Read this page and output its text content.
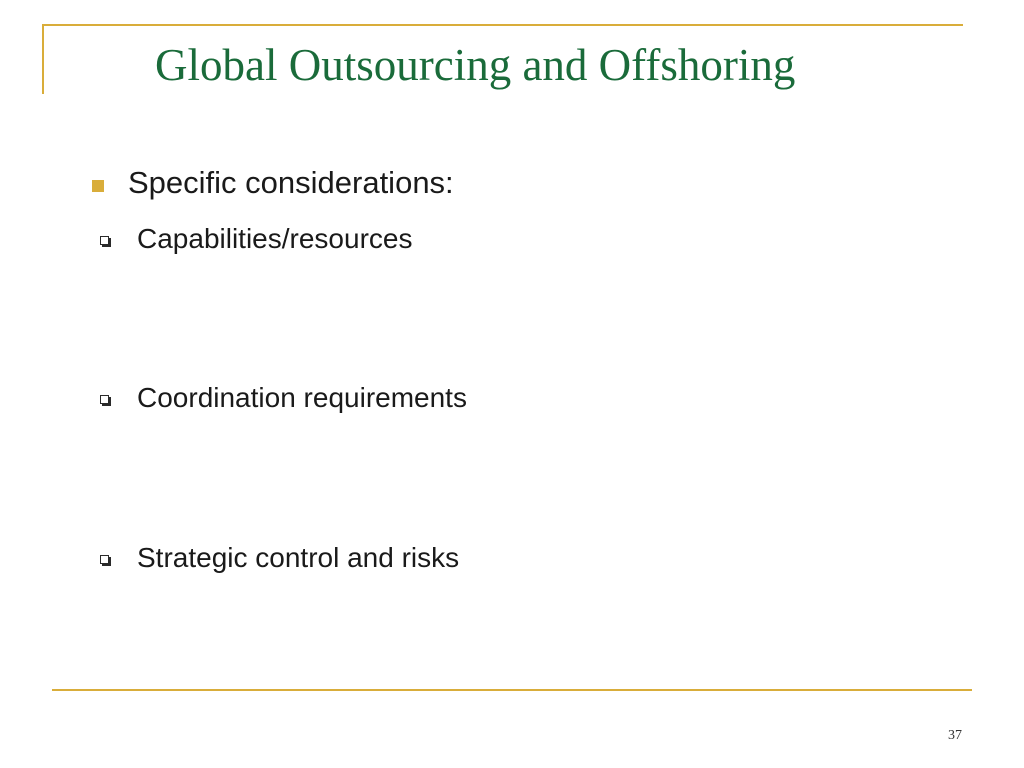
Global Outsourcing and Offshoring
Specific considerations:
Capabilities/resources
Coordination requirements
Strategic control and risks
37
